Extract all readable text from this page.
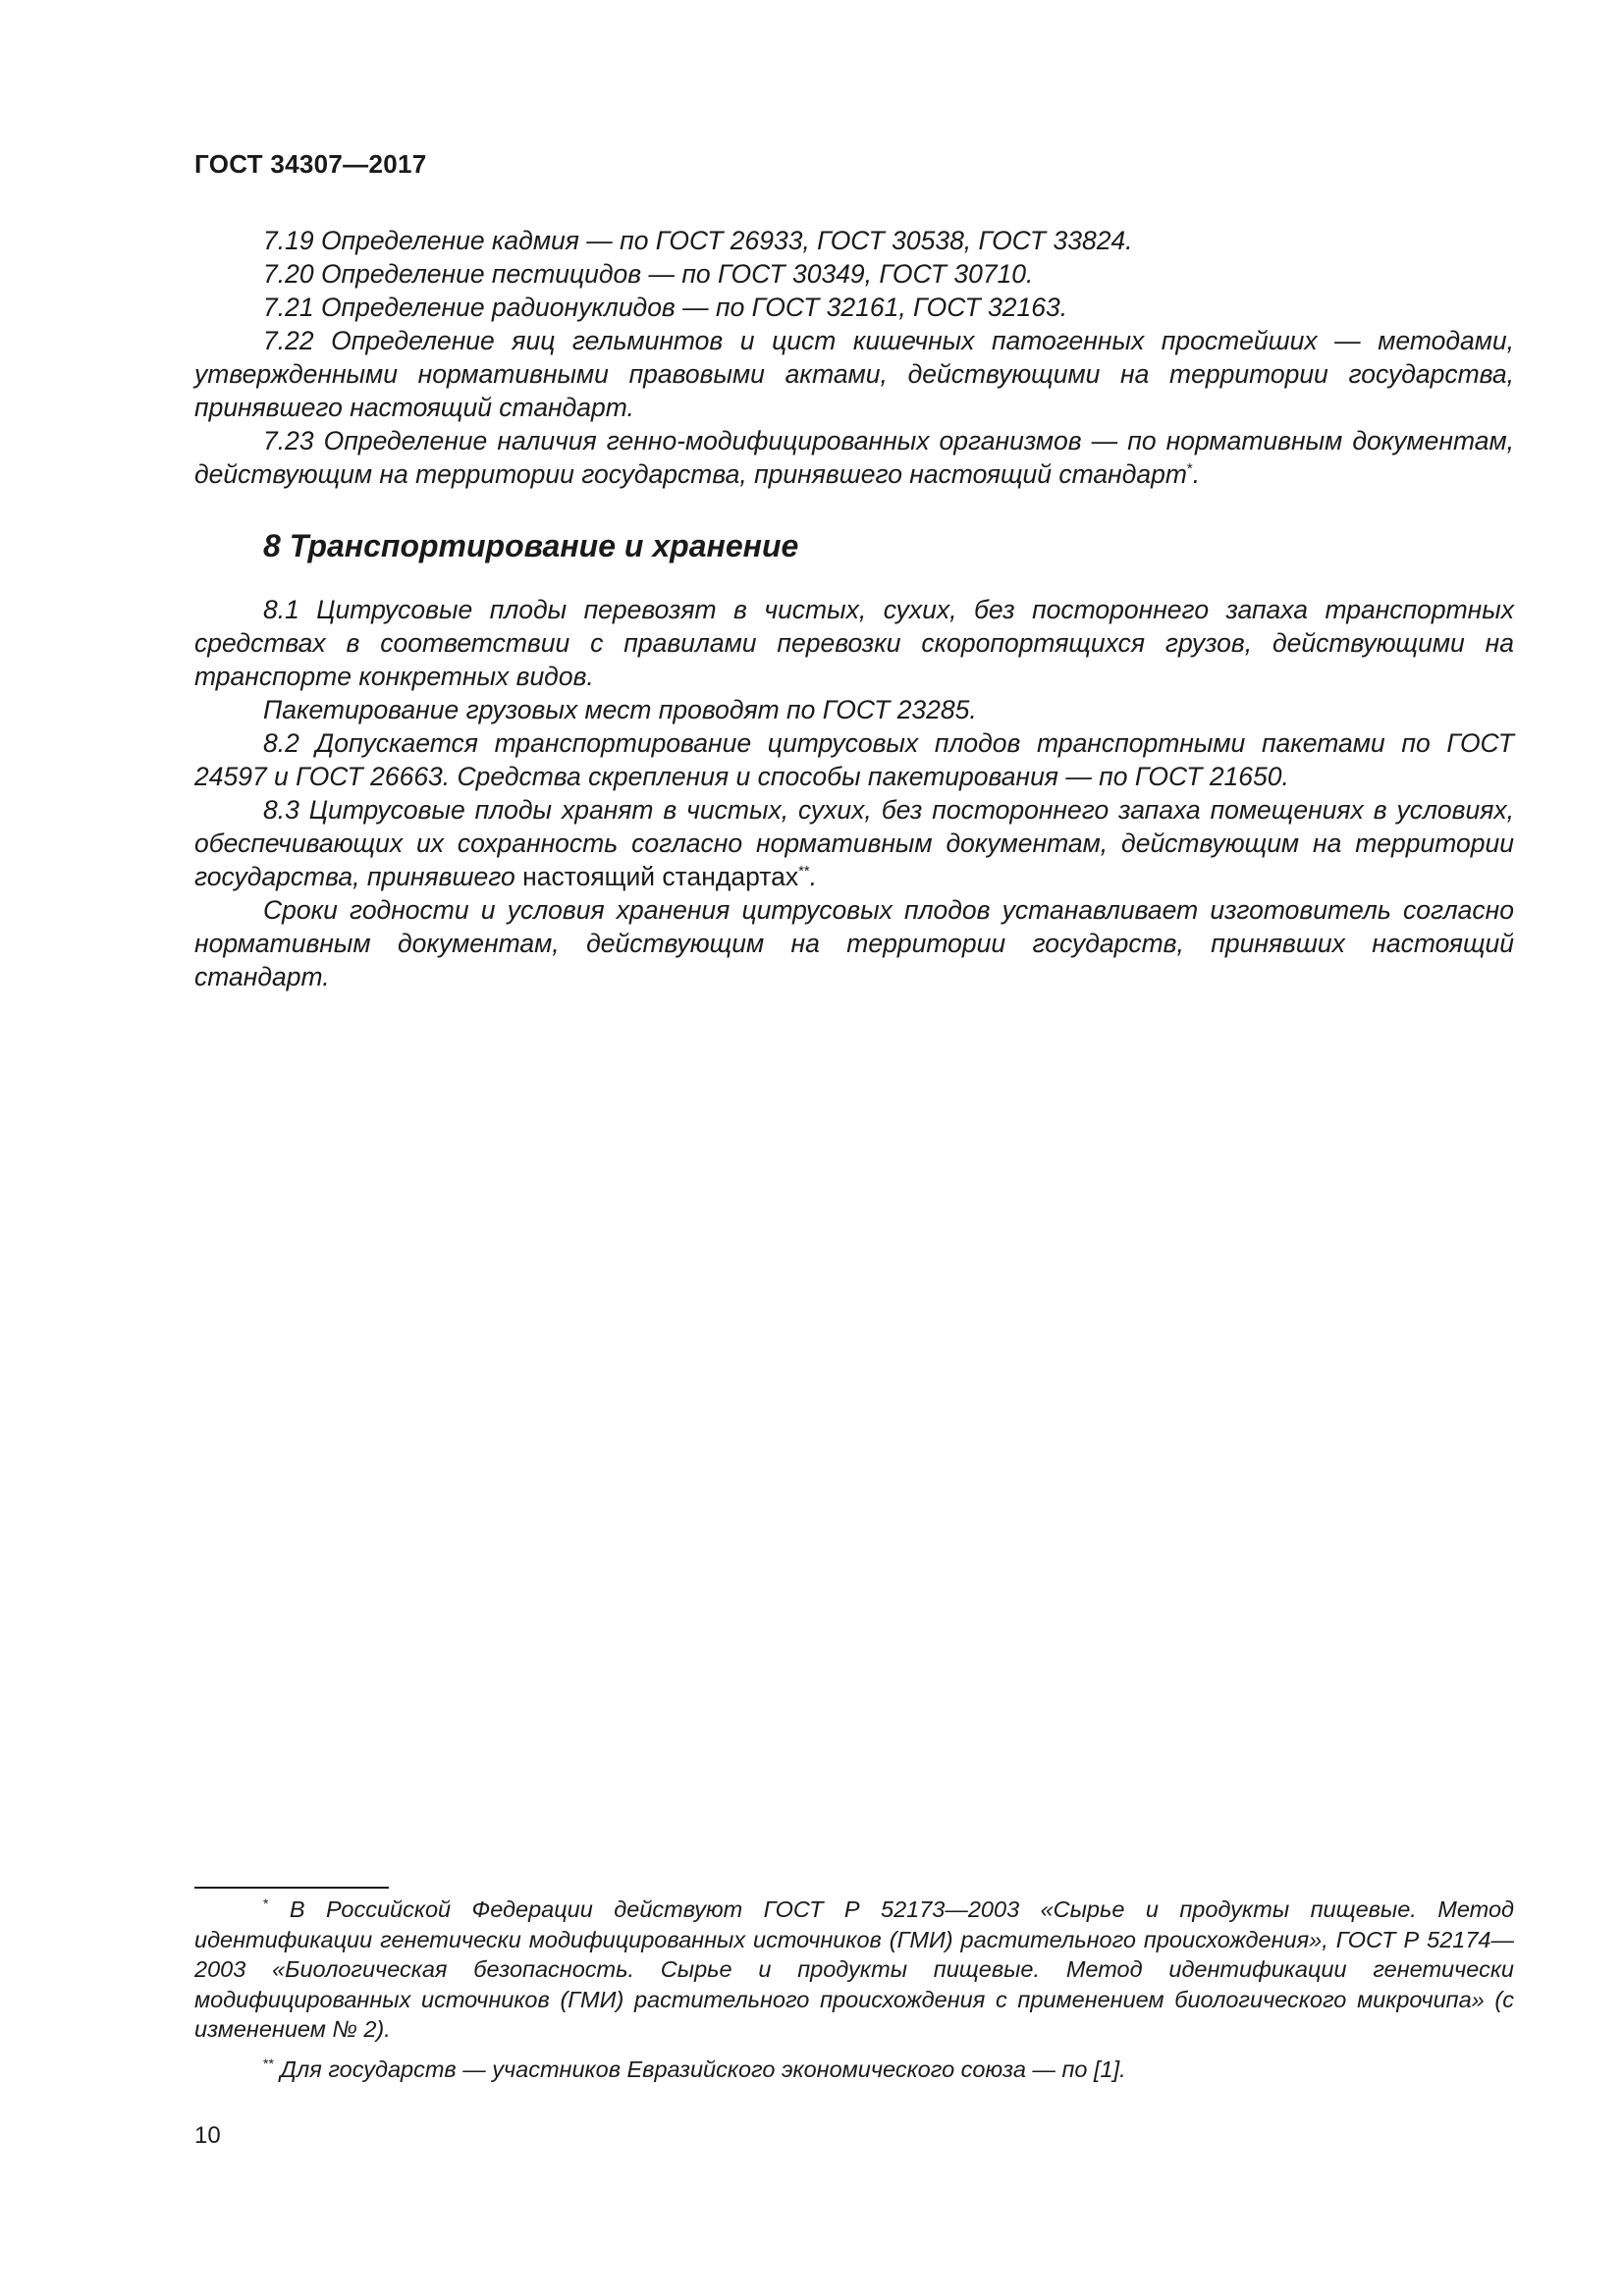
ГОСТ 34307—2017

7.19 Определение кадмия — по ГОСТ 26933, ГОСТ 30538, ГОСТ 33824.

7.20 Определение пестицидов — по ГОСТ 30349, ГОСТ 30710.

7.21 Определение радионуклидов — по ГОСТ 32161, ГОСТ 32163.

7.22 Определение яиц гельминтов и цист кишечных патогенных простейших — методами, утвержденными нормативными правовыми актами, действующими на территории государства, принявшего настоящий стандарт.

7.23 Определение наличия генно-модифицированных организмов — по нормативным документам, действующим на территории государства, принявшего настоящий стандарт*.

8 Транспортирование и хранение

8.1 Цитрусовые плоды перевозят в чистых, сухих, без постороннего запаха транспортных средствах в соответствии с правилами перевозки скоропортящихся грузов, действующими на транспорте конкретных видов.

Пакетирование грузовых мест проводят по ГОСТ 23285.

8.2 Допускается транспортирование цитрусовых плодов транспортными пакетами по ГОСТ 24597 и ГОСТ 26663. Средства скрепления и способы пакетирования — по ГОСТ 21650.

8.3 Цитрусовые плоды хранят в чистых, сухих, без постороннего запаха помещениях в условиях, обеспечивающих их сохранность согласно нормативным документам, действующим на территории государства, принявшего настоящий стандартах**.

Сроки годности и условия хранения цитрусовых плодов устанавливает изготовитель согласно нормативным документам, действующим на территории государств, принявших настоящий стандарт.

* В Российской Федерации действуют ГОСТ Р 52173—2003 «Сырье и продукты пищевые. Метод идентификации генетически модифицированных источников (ГМИ) растительного происхождения», ГОСТ Р 52174—2003 «Биологическая безопасность. Сырье и продукты пищевые. Метод идентификации генетически модифицированных источников (ГМИ) растительного происхождения с применением биологического микрочипа» (с изменением № 2).

** Для государств — участников Евразийского экономического союза — по [1].

10
